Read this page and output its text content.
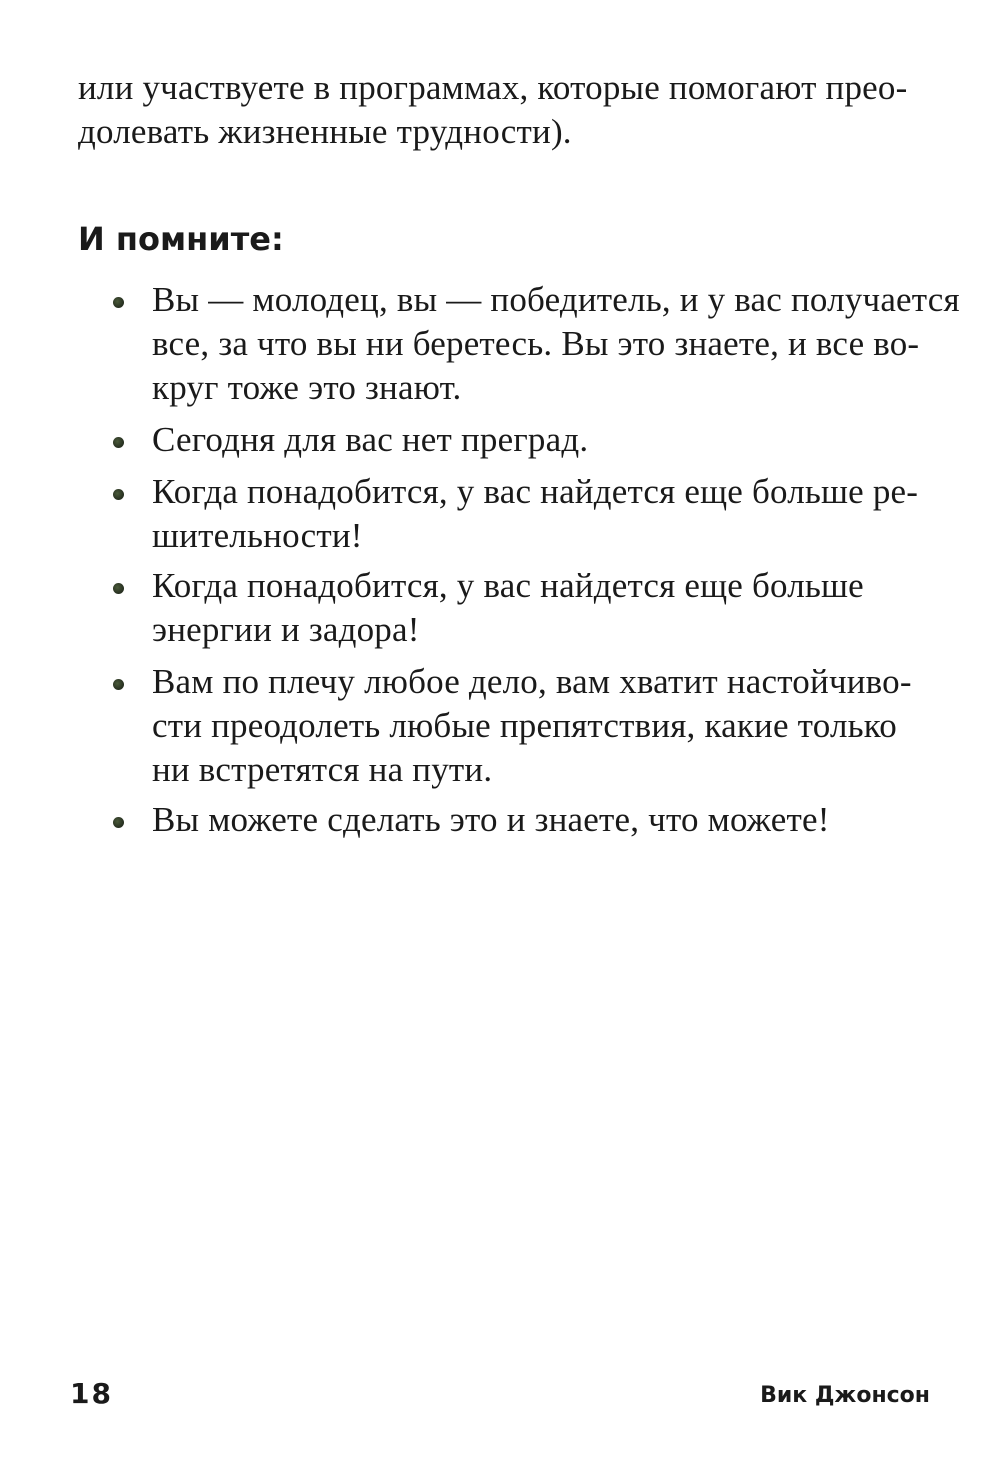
или участвуете в программах, которые помогают прео-
долевать жизненные трудности).
И помните:
Вы — молодец, вы — победитель, и у вас получается
все, за что вы ни беретесь. Вы это знаете, и все во-
круг тоже это знают.
Сегодня для вас нет преград.
Когда понадобится, у вас найдется еще больше ре-
шительности!
Когда понадобится, у вас найдется еще больше
энергии и задора!
Вам по плечу любое дело, вам хватит настойчиво-
сти преодолеть любые препятствия, какие только
ни встретятся на пути.
Вы можете сделать это и знаете, что можете!
18	Вик Джонсон
